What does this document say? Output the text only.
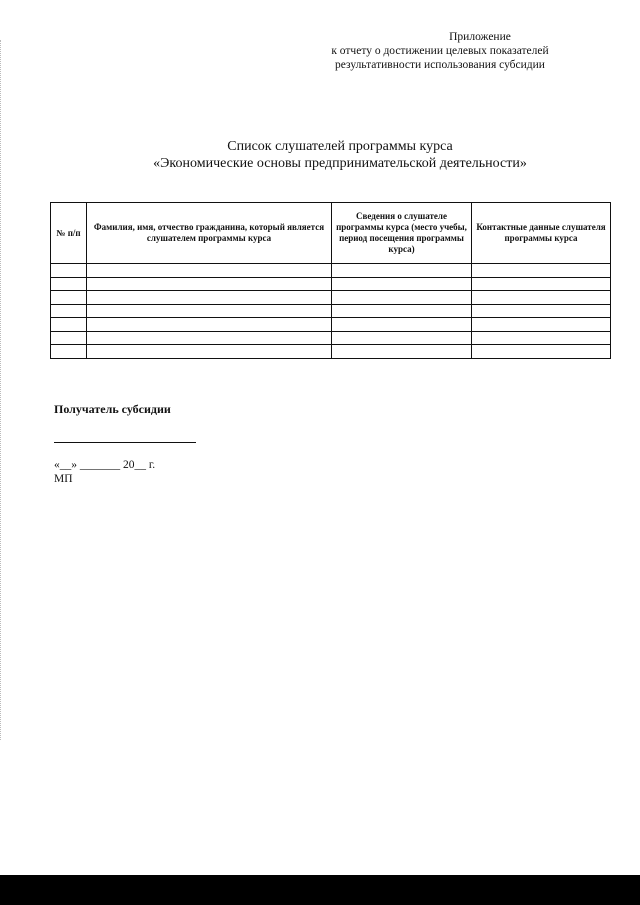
Приложение
к отчету о достижении целевых показателей
результативности использования субсидии
Список слушателей программы курса
«Экономические основы предпринимательской деятельности»
№ п/п	Фамилия, имя, отчество гражданина, который является слушателем программы курса	Сведения о слушателе программы курса (место учебы, период посещения программы курса)	Контактные данные слушателя программы курса

Получатель субсидии
«__» _______ 20__ г.
МП
